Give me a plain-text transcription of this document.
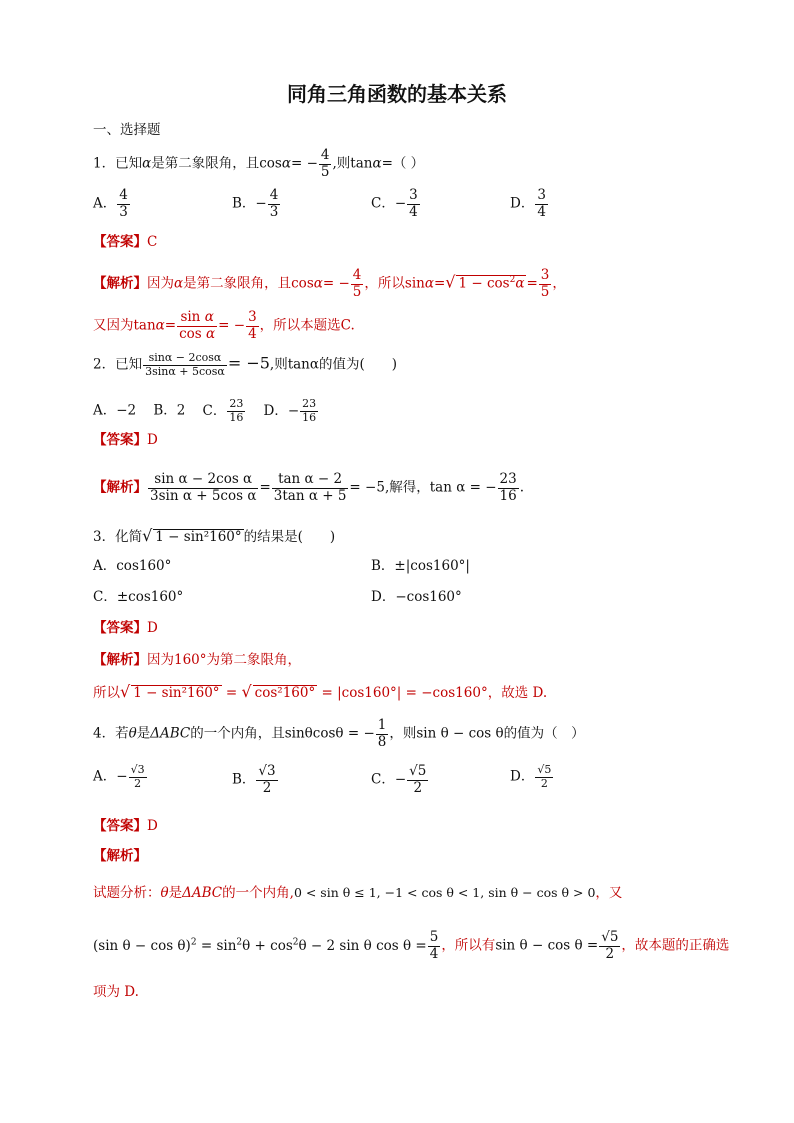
同角三角函数的基本关系
一、选择题
1．已知α是第二象限角，且$\cos\alpha= - \frac{4}{5}$ ,则tanα=（ ）
A． $\frac{4}{3}$	B．− $\frac{4}{3}$	C．− $\frac{3}{4}$	D． $\frac{3}{4}$
【答案】C
【解析】因为α是第二象限角，且$\cos\alpha= - \frac{4}{5}$ ，所以sinα=√ $1 - \cos^2\alpha = \frac{3}{5}$ ，
又因为$\tan\alpha= \frac{\text{sin α}}{\text{cos α}}$ = − $\frac{3}{4}$ ，所以本题选C.
2．已知 $\frac{\sin\alpha - 2\cos\alpha}{3\sin\alpha + 5\cos\alpha} = -5$,则tanα的值为(　　)
A．−2 B．2 C． $\frac{23}{16}$ D．− $\frac{23}{16}$
【答案】D
【解析】 $\frac{\text{sin α − 2cos α}}{\text{3sin α + 5cos α}} = \frac{\text{tan α − 2}}{\text{3tan α + 5}} = -5$,解得，tan α = − $\frac{23}{16}$ .
3．化简√ 1 − sin²160° 的结果是(　　)
A．cos160°	B．±|cos160°|
C．±cos160°	D．−cos160°
【答案】D
【解析】因为160°为第二象限角，
所以√ 1 − sin²160° = √ cos²160° = |cos160°| = −cos160°，故选 D.
4．若θ是ΔABC的一个内角，且sinθcosθ = − $\frac{1}{8}$ ，则sin θ − cos θ的值为（　）
A．− $\frac{√3}{2}$	B． $\frac{√3}{2}$	C．− $\frac{√5}{2}$	D． $\frac{√5}{2}$
【答案】D
【解析】
试题分析：θ是ΔABC的一个内角,0 < sin θ ≤ 1, −1 < cos θ < 1, sin θ − cos θ > 0，又
(sin $\theta - \cos \theta)^2 = \sin^2\theta + \cos^2\theta - 2$ sin θ $\cos \theta = \frac{5}{4}$ ，所以有$\sin \theta - \cos \theta = \frac{√5}{2}$ ，故本题的正确选
项为 D.
